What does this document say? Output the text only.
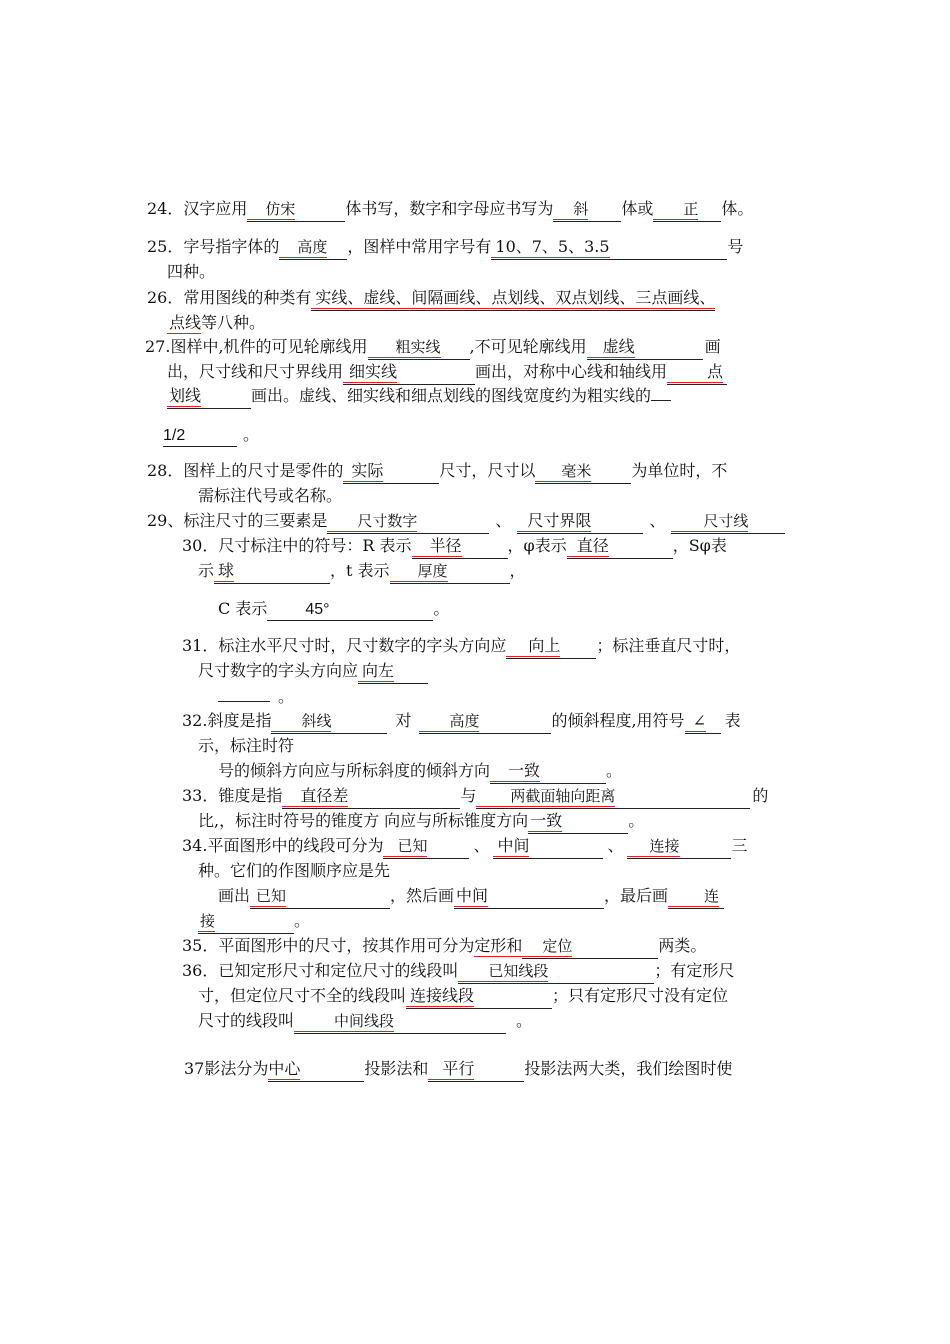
24．汉字应用 仿宋	体书写，数字和字母应书写为 斜 体或 正 体。
25．字号指字体的 高度 ，图样中常用字号有 10、7、5、3.5	号
四种。
26．常用图线的种类有 实线、虚线、间隔画线、点划线、双点划线、三点画线、
点线等八种。
27.图样中,机件的可见轮廓线用 粗实线 ,不可见轮廓线用 虚线	画
出，尺寸线和尺寸界线用 细实线	画出，对称中心线和轴线用	点
划线	画出。虚线、细实线和细点划线的图线宽度约为粗实线的
1/2	。
28．图样上的尺寸是零件的 实际	尺寸，尺寸以 毫米 为单位时，不
需标注代号或名称。
29、标注尺寸的三要素是 尺寸数字	、 尺寸界限	、	尺寸线
30．尺寸标注中的符号：R 表示 半径	，φ表示 直径	，Sφ表
示 球	，t 表示 厚度	，
C 表示 45°	。
31．标注水平尺寸时，尺寸数字的字头方向应 向上 ；标注垂直尺寸时，
尺寸数字的字头方向应 向左
。
32.斜度是指 斜线	对	高度	的倾斜程度,用符号 ∠ 表
示，标注时符
号的倾斜方向应与所标斜度的倾斜方向 一致	。
33．锥度是指 直径差	与 两截面轴向距离	的
比,，标注时符号的锥度方 向应与所标锥度方向 一致	。
34.平面图形中的线段可分为 已知	、 中间	、 连接	三
种。它们的作图顺序应是先
画出 已知	，然后画 中间	，最后画 连
接	。
35．平面图形中的尺寸，按其作用可分为定形和 定位	两类。
36．已知定形尺寸和定位尺寸的线段叫 已知线段	；有定形尺
寸，但定位尺寸不全的线段叫 连接线段	；只有定形尺寸没有定位
尺寸的线段叫	中间线段	。
37影法分为中心	投影法和 平行	投影法两大类，我们绘图时使
